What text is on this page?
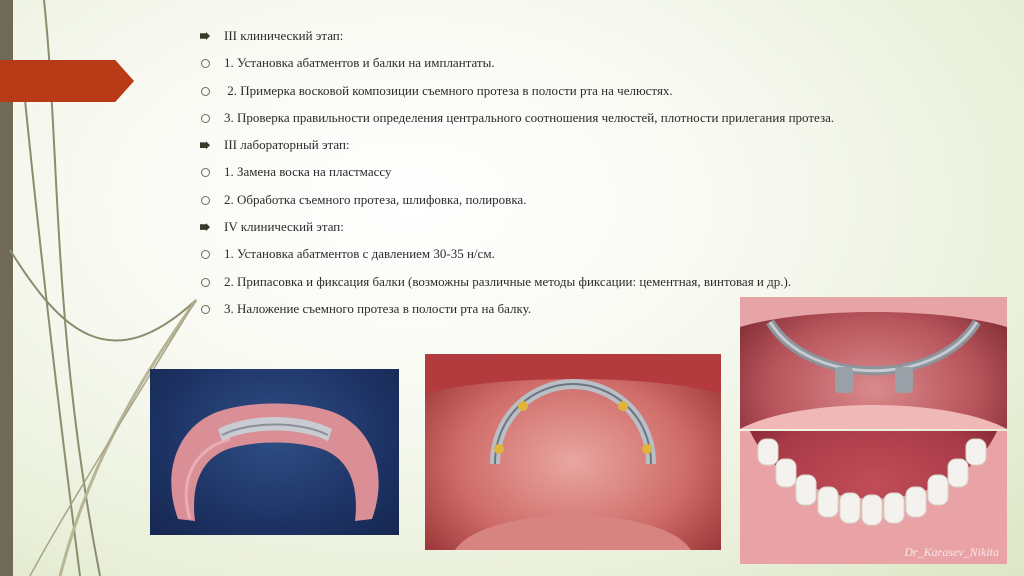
III клинический этап:
1. Установка абатментов и балки на имплантаты.
2. Примерка восковой композиции съемного протеза в полости рта на челюстях.
3. Проверка правильности определения центрального соотношения челюстей, плотности прилегания протеза.
III лабораторный этап:
1. Замена воска на пластмассу
2. Обработка съемного протеза, шлифовка, полировка.
IV клинический этап:
1. Установка абатментов с давлением 30-35 н/см.
2. Припасовка и фиксация балки (возможны различные методы фиксации: цементная, винтовая и др.).
3. Наложение съемного протеза в полости рта на балку.
Dr_Karasev_Nikita
